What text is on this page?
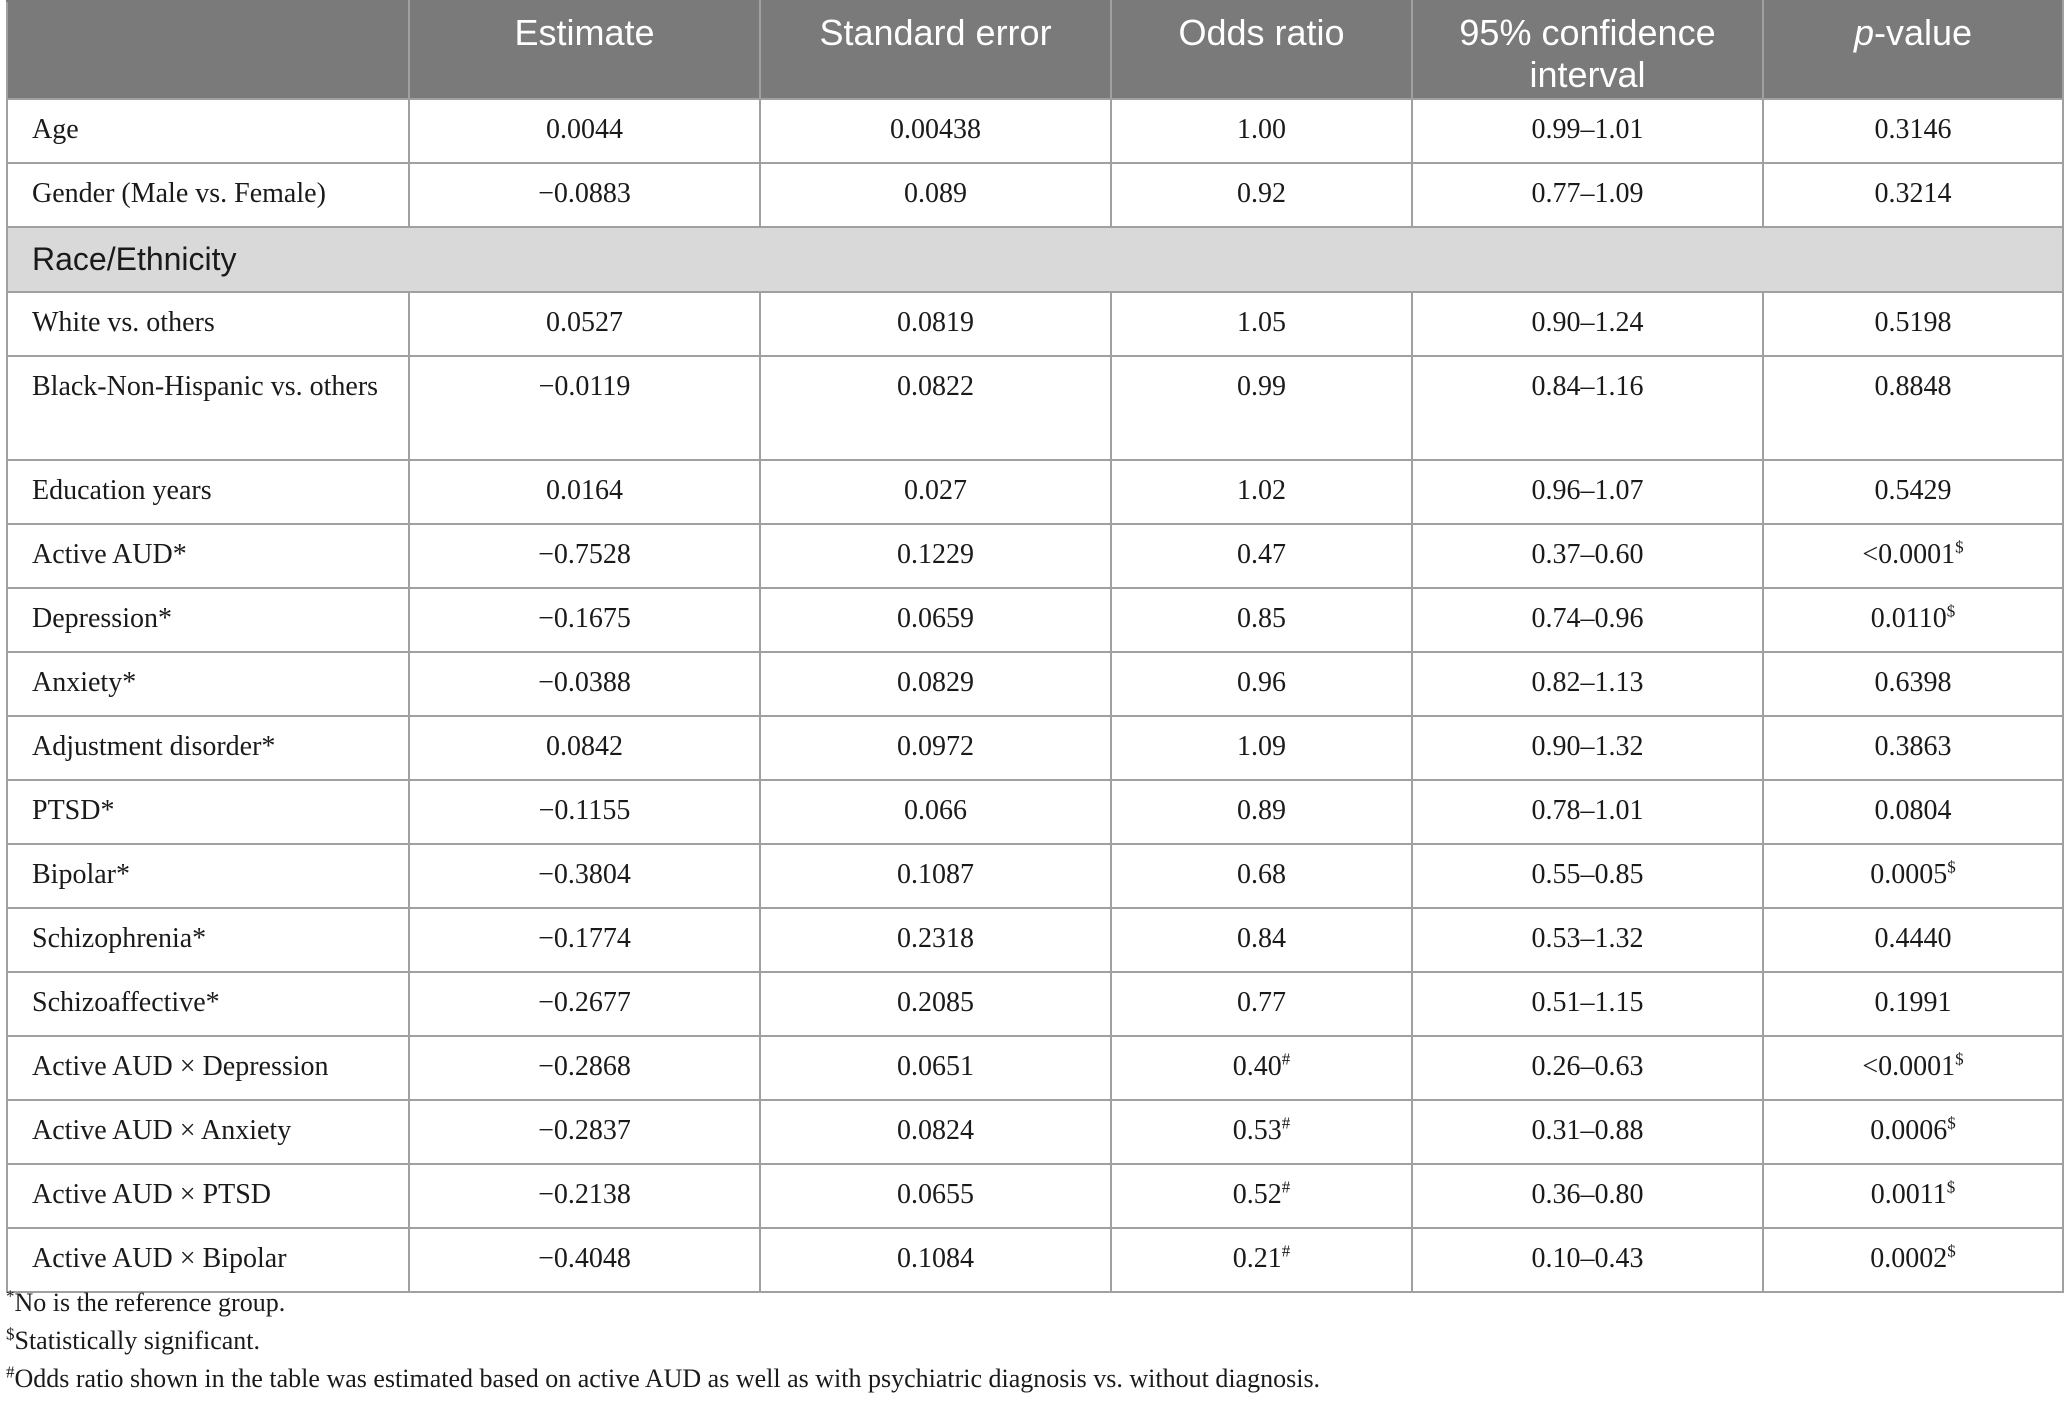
	Estimate	Standard error	Odds ratio	95% confidence interval	p-value
Age	0.0044	0.00438	1.00	0.99–1.01	0.3146
Gender (Male vs. Female)	−0.0883	0.089	0.92	0.77–1.09	0.3214
Race/Ethnicity					
White vs. others	0.0527	0.0819	1.05	0.90–1.24	0.5198
Black-Non-Hispanic vs. others	−0.0119	0.0822	0.99	0.84–1.16	0.8848
Education years	0.0164	0.027	1.02	0.96–1.07	0.5429
Active AUD*	−0.7528	0.1229	0.47	0.37–0.60	<0.0001$
Depression*	−0.1675	0.0659	0.85	0.74–0.96	0.0110$
Anxiety*	−0.0388	0.0829	0.96	0.82–1.13	0.6398
Adjustment disorder*	0.0842	0.0972	1.09	0.90–1.32	0.3863
PTSD*	−0.1155	0.066	0.89	0.78–1.01	0.0804
Bipolar*	−0.3804	0.1087	0.68	0.55–0.85	0.0005$
Schizophrenia*	−0.1774	0.2318	0.84	0.53–1.32	0.4440
Schizoaffective*	−0.2677	0.2085	0.77	0.51–1.15	0.1991
Active AUD × Depression	−0.2868	0.0651	0.40#	0.26–0.63	<0.0001$
Active AUD × Anxiety	−0.2837	0.0824	0.53#	0.31–0.88	0.0006$
Active AUD × PTSD	−0.2138	0.0655	0.52#	0.36–0.80	0.0011$
Active AUD × Bipolar	−0.4048	0.1084	0.21#	0.10–0.43	0.0002$
*No is the reference group.
$Statistically significant.
#Odds ratio shown in the table was estimated based on active AUD as well as with psychiatric diagnosis vs. without diagnosis.
